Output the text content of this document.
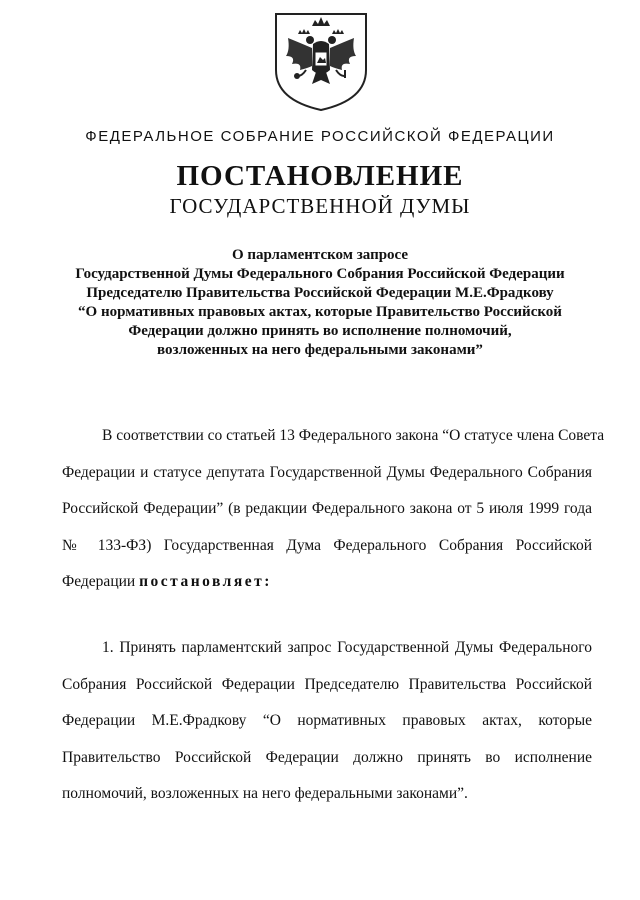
ФЕДЕРАЛЬНОЕ СОБРАНИЕ РОССИЙСКОЙ ФЕДЕРАЦИИ
ПОСТАНОВЛЕНИЕ
ГОСУДАРСТВЕННОЙ ДУМЫ
О парламентском запросе
Государственной Думы Федерального Собрания Российской Федерации
Председателю Правительства Российской Федерации М.Е.Фрадкову
“О нормативных правовых актах, которые Правительство Российской
Федерации должно принять во исполнение полномочий,
возложенных на него федеральными законами”
В соответствии со статьей 13 Федерального закона “О статусе члена Совета
Федерации и статусе депутата Государственной Думы Федерального Собрания
Российской Федерации” (в редакции Федерального закона от 5 июля 1999 года
№ 133-ФЗ) Государственная Дума Федерального Собрания Российской
Федерации постановляет:
1. Принять парламентский запрос Государственной Думы Федерального
Собрания Российской Федерации Председателю Правительства Российской
Федерации М.Е.Фрадкову “О нормативных правовых актах, которые
Правительство Российской Федерации должно принять во исполнение
полномочий, возложенных на него федеральными законами”.
